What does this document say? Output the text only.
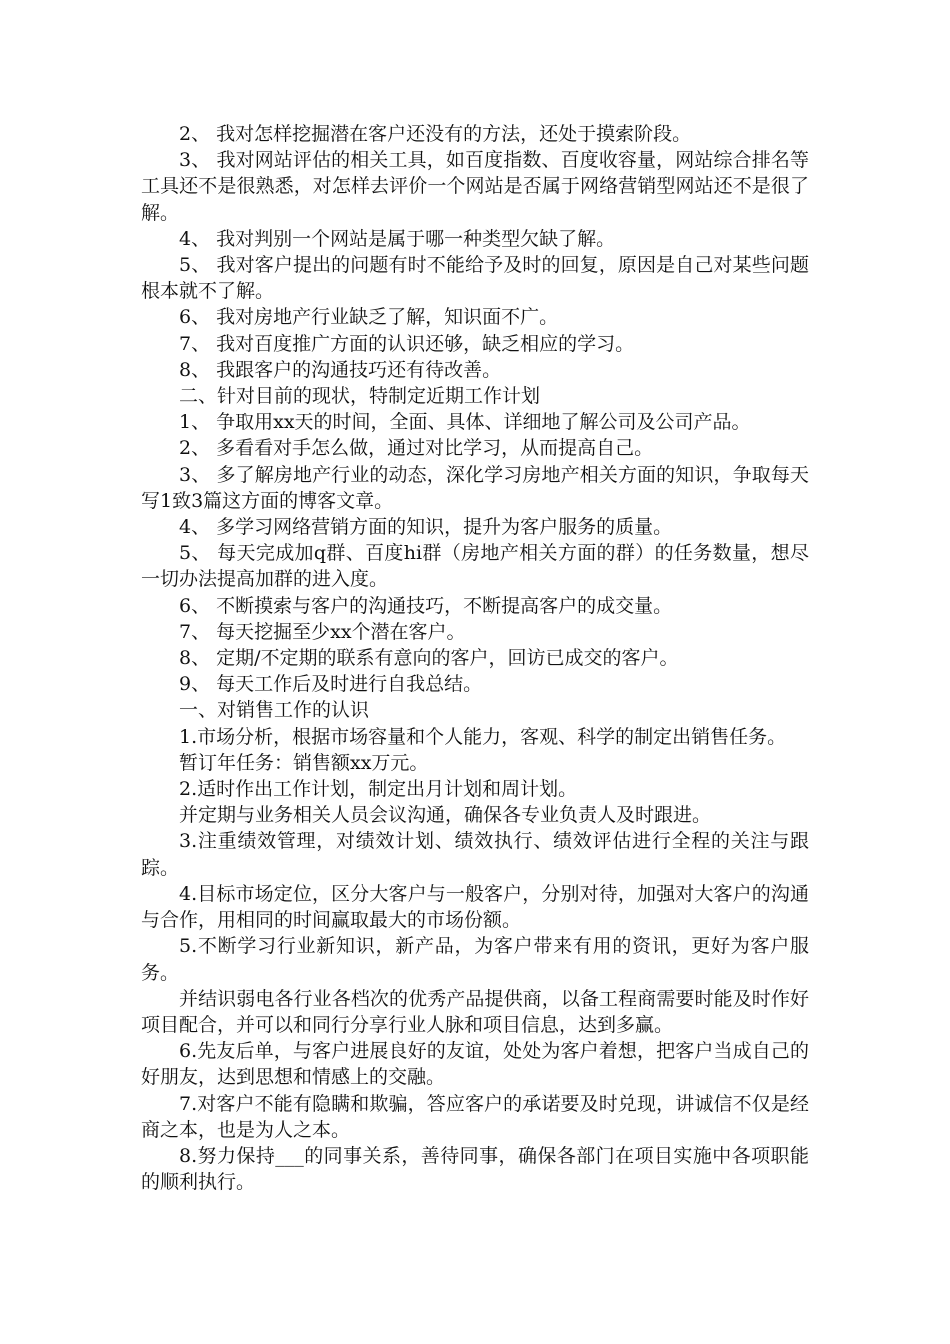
2、 我对怎样挖掘潜在客户还没有的方法，还处于摸索阶段。

3、 我对网站评估的相关工具，如百度指数、百度收容量，网站综合排名等工具还不是很熟悉，对怎样去评价一个网站是否属于网络营销型网站还不是很了解。

4、 我对判别一个网站是属于哪一种类型欠缺了解。

5、 我对客户提出的问题有时不能给予及时的回复，原因是自己对某些问题根本就不了解。

6、 我对房地产行业缺乏了解，知识面不广。

7、 我对百度推广方面的认识还够，缺乏相应的学习。

8、 我跟客户的沟通技巧还有待改善。

二、针对目前的现状，特制定近期工作计划

1、 争取用xx天的时间，全面、具体、详细地了解公司及公司产品。

2、 多看看对手怎么做，通过对比学习，从而提高自己。

3、 多了解房地产行业的动态，深化学习房地产相关方面的知识，争取每天写1致3篇这方面的博客文章。

4、 多学习网络营销方面的知识，提升为客户服务的质量。

5、 每天完成加q群、百度hi群（房地产相关方面的群）的任务数量，想尽一切办法提高加群的进入度。

6、 不断摸索与客户的沟通技巧，不断提高客户的成交量。

7、 每天挖掘至少xx个潜在客户。

8、 定期/不定期的联系有意向的客户，回访已成交的客户。

9、 每天工作后及时进行自我总结。

一、对销售工作的认识

1.市场分析，根据市场容量和个人能力，客观、科学的制定出销售任务。

暂订年任务：销售额xx万元。

2.适时作出工作计划，制定出月计划和周计划。

并定期与业务相关人员会议沟通，确保各专业负责人及时跟进。

3.注重绩效管理，对绩效计划、绩效执行、绩效评估进行全程的关注与跟踪。

4.目标市场定位，区分大客户与一般客户，分别对待，加强对大客户的沟通与合作，用相同的时间赢取最大的市场份额。

5.不断学习行业新知识，新产品，为客户带来有用的资讯，更好为客户服务。

并结识弱电各行业各档次的优秀产品提供商，以备工程商需要时能及时作好项目配合，并可以和同行分享行业人脉和项目信息，达到多赢。

6.先友后单，与客户进展良好的友谊，处处为客户着想，把客户当成自己的好朋友，达到思想和情感上的交融。

7.对客户不能有隐瞒和欺骗，答应客户的承诺要及时兑现，讲诚信不仅是经商之本，也是为人之本。

8.努力保持___的同事关系，善待同事，确保各部门在项目实施中各项职能的顺利执行。
